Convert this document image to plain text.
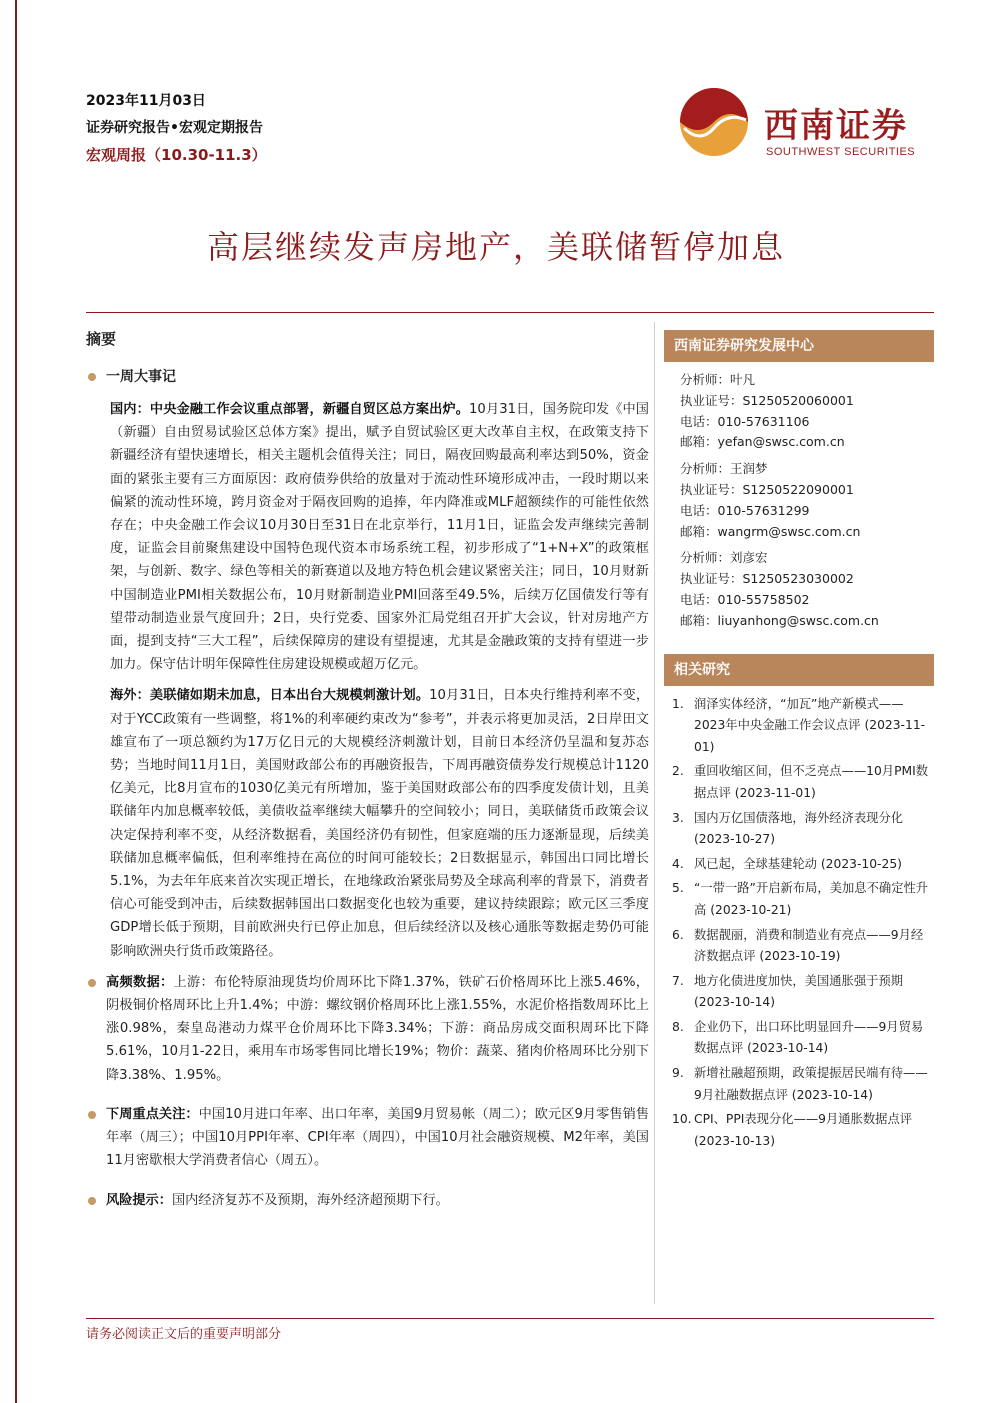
2023年11月03日
证券研究报告•宏观定期报告
宏观周报（10.30-11.3）
西南证券
SOUTHWEST SECURITIES
高层继续发声房地产，美联储暂停加息
摘要
一周大事记

国内：中央金融工作会议重点部署，新疆自贸区总方案出炉。10月31日，国务院印发《中国（新疆）自由贸易试验区总体方案》提出，赋予自贸试验区更大改革自主权，在政策支持下新疆经济有望快速增长，相关主题机会值得关注；同日，隔夜回购最高利率达到50%，资金面的紧张主要有三方面原因：政府债券供给的放量对于流动性环境形成冲击，一段时期以来偏紧的流动性环境，跨月资金对于隔夜回购的追捧，年内降准或MLF超额续作的可能性依然存在；中央金融工作会议10月30日至31日在北京举行，11月1日，证监会发声继续完善制度，证监会目前聚焦建设中国特色现代资本市场系统工程，初步形成了“1+N+X”的政策框架，与创新、数字、绿色等相关的新赛道以及地方特色机会建议紧密关注；同日，10月财新中国制造业PMI相关数据公布，10月财新制造业PMI回落至49.5%，后续万亿国债发行等有望带动制造业景气度回升；2日，央行党委、国家外汇局党组召开扩大会议，针对房地产方面，提到支持“三大工程”，后续保障房的建设有望提速，尤其是金融政策的支持有望进一步加力。保守估计明年保障性住房建设规模或超万亿元。

海外：美联储如期未加息，日本出台大规模刺激计划。10月31日，日本央行维持利率不变，对于YCC政策有一些调整，将1%的利率硬约束改为“参考”，并表示将更加灵活，2日岸田文雄宣布了一项总额约为17万亿日元的大规模经济刺激计划，目前日本经济仍呈温和复苏态势；当地时间11月1日，美国财政部公布的再融资报告，下周再融资债券发行规模总计1120亿美元，比8月宣布的1030亿美元有所增加，鉴于美国财政部公布的四季度发债计划，且美联储年内加息概率较低，美债收益率继续大幅攀升的空间较小；同日，美联储货币政策会议决定保持利率不变，从经济数据看，美国经济仍有韧性，但家庭端的压力逐渐显现，后续美联储加息概率偏低，但利率维持在高位的时间可能较长；2日数据显示，韩国出口同比增长5.1%，为去年年底来首次实现正增长，在地缘政治紧张局势及全球高利率的背景下，消费者信心可能受到冲击，后续数据韩国出口数据变化也较为重要，建议持续跟踪；欧元区三季度GDP增长低于预期，目前欧洲央行已停止加息，但后续经济以及核心通胀等数据走势仍可能影响欧洲央行货币政策路径。

高频数据：上游：布伦特原油现货均价周环比下降1.37%，铁矿石价格周环比上涨5.46%，阴极铜价格周环比上升1.4%；中游：螺纹钢价格周环比上涨1.55%，水泥价格指数周环比上涨0.98%，秦皇岛港动力煤平仓价周环比下降3.34%；下游：商品房成交面积周环比下降5.61%，10月1-22日，乘用车市场零售同比增长19%；物价：蔬菜、猪肉价格周环比分别下降3.38%、1.95%。

下周重点关注：中国10月进口年率、出口年率，美国9月贸易帐（周二）；欧元区9月零售销售年率（周三）；中国10月PPI年率、CPI年率（周四），中国10月社会融资规模、M2年率，美国11月密歇根大学消费者信心（周五）。

风险提示：国内经济复苏不及预期，海外经济超预期下行。

西南证券研究发展中心
分析师：叶凡
执业证号：S1250520060001
电话：010-57631106
邮箱：yefan@swsc.com.cn
分析师：王润梦
执业证号：S1250522090001
电话：010-57631299
邮箱：wangrm@swsc.com.cn
分析师：刘彦宏
执业证号：S1250523030002
电话：010-55758502
邮箱：liuyanhong@swsc.com.cn
相关研究
1. 润泽实体经济，“加瓦”地产新模式——2023年中央金融工作会议点评 (2023-11-01)
2. 重回收缩区间，但不乏亮点——10月PMI数据点评 (2023-11-01)
3. 国内万亿国债落地，海外经济表现分化 (2023-10-27)
4. 风已起，全球基建轮动 (2023-10-25)
5. “一带一路”开启新布局，美加息不确定性升高 (2023-10-21)
6. 数据靓丽，消费和制造业有亮点——9月经济数据点评 (2023-10-19)
7. 地方化债进度加快，美国通胀强于预期 (2023-10-14)
8. 企业仍下，出口环比明显回升——9月贸易数据点评 (2023-10-14)
9. 新增社融超预期，政策提振居民端有待——9月社融数据点评 (2023-10-14)
10. CPI、PPI表现分化——9月通胀数据点评 (2023-10-13)
请务必阅读正文后的重要声明部分
